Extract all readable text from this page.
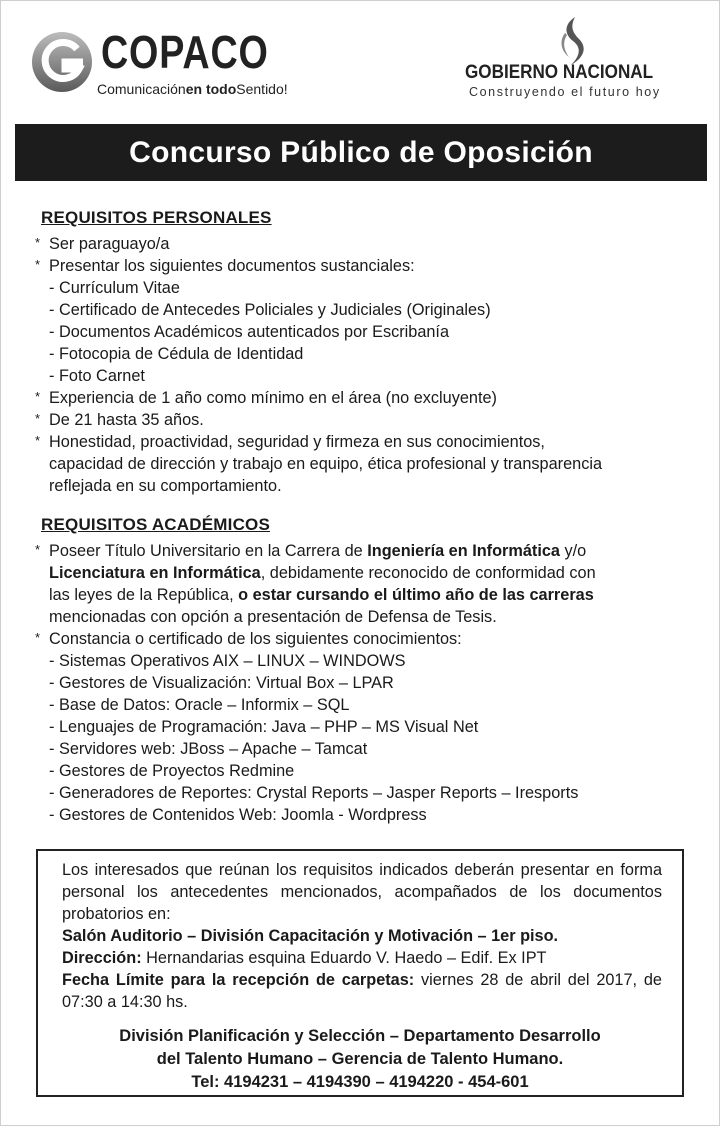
COPACO
Comunicaciónen todoSentido!
GOBIERNO NACIONAL
Construyendo el futuro hoy
Concurso Público de Oposición
REQUISITOS PERSONALES
* Ser paraguayo/a
* Presentar los siguientes documentos sustanciales:
- Currículum Vitae
- Certificado de Antecedes Policiales y Judiciales (Originales)
- Documentos Académicos autenticados por Escribanía
- Fotocopia de Cédula de Identidad
- Foto Carnet
* Experiencia de 1 año como mínimo en el área (no excluyente)
* De 21 hasta 35 años.
* Honestidad, proactividad, seguridad y firmeza en sus conocimientos,
capacidad de dirección y trabajo en equipo, ética profesional y transparencia
reflejada en su comportamiento.
REQUISITOS ACADÉMICOS
* Poseer Título Universitario en la Carrera de Ingeniería en Informática y/o
Licenciatura en Informática, debidamente reconocido de conformidad con
las leyes de la República, o estar cursando el último año de las carreras
mencionadas con opción a presentación de Defensa de Tesis.
* Constancia o certificado de los siguientes conocimientos:
- Sistemas Operativos AIX – LINUX – WINDOWS
- Gestores de Visualización: Virtual Box – LPAR
- Base de Datos: Oracle – Informix – SQL
- Lenguajes de Programación: Java – PHP – MS Visual Net
- Servidores web: JBoss – Apache – Tamcat
- Gestores de Proyectos Redmine
- Generadores de Reportes: Crystal Reports – Jasper Reports – Iresports
- Gestores de Contenidos Web: Joomla - Wordpress
Los interesados que reúnan los requisitos indicados deberán presentar en forma personal los antecedentes mencionados, acompañados de los documentos probatorios en:
Salón Auditorio – División Capacitación y Motivación – 1er piso.
Dirección: Hernandarias esquina Eduardo V. Haedo – Edif. Ex IPT
Fecha Límite para la recepción de carpetas: viernes 28 de abril del 2017, de 07:30 a 14:30 hs.
División Planificación y Selección – Departamento Desarrollo
del Talento Humano – Gerencia de Talento Humano.
Tel: 4194231 – 4194390 – 4194220 - 454-601
